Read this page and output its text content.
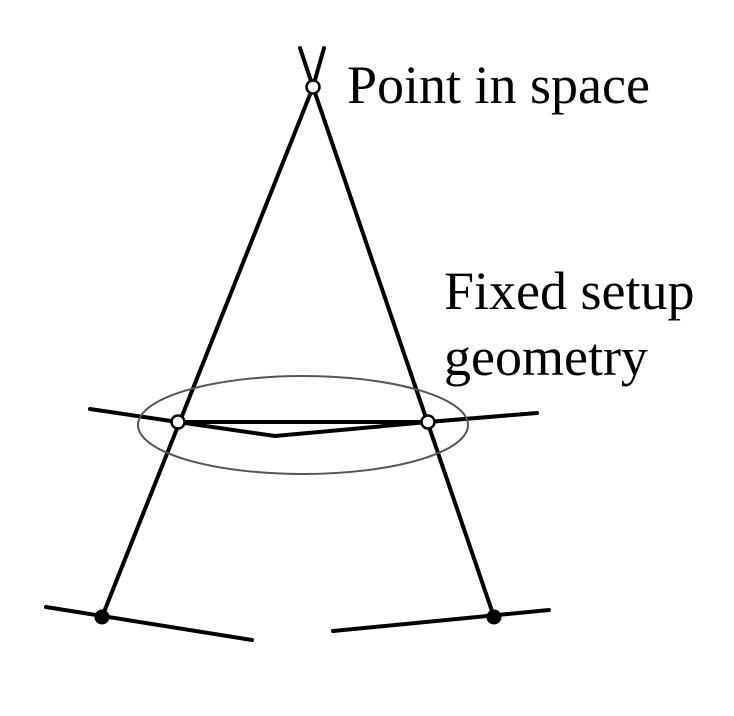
Point in space
Fixed setup
geometry
